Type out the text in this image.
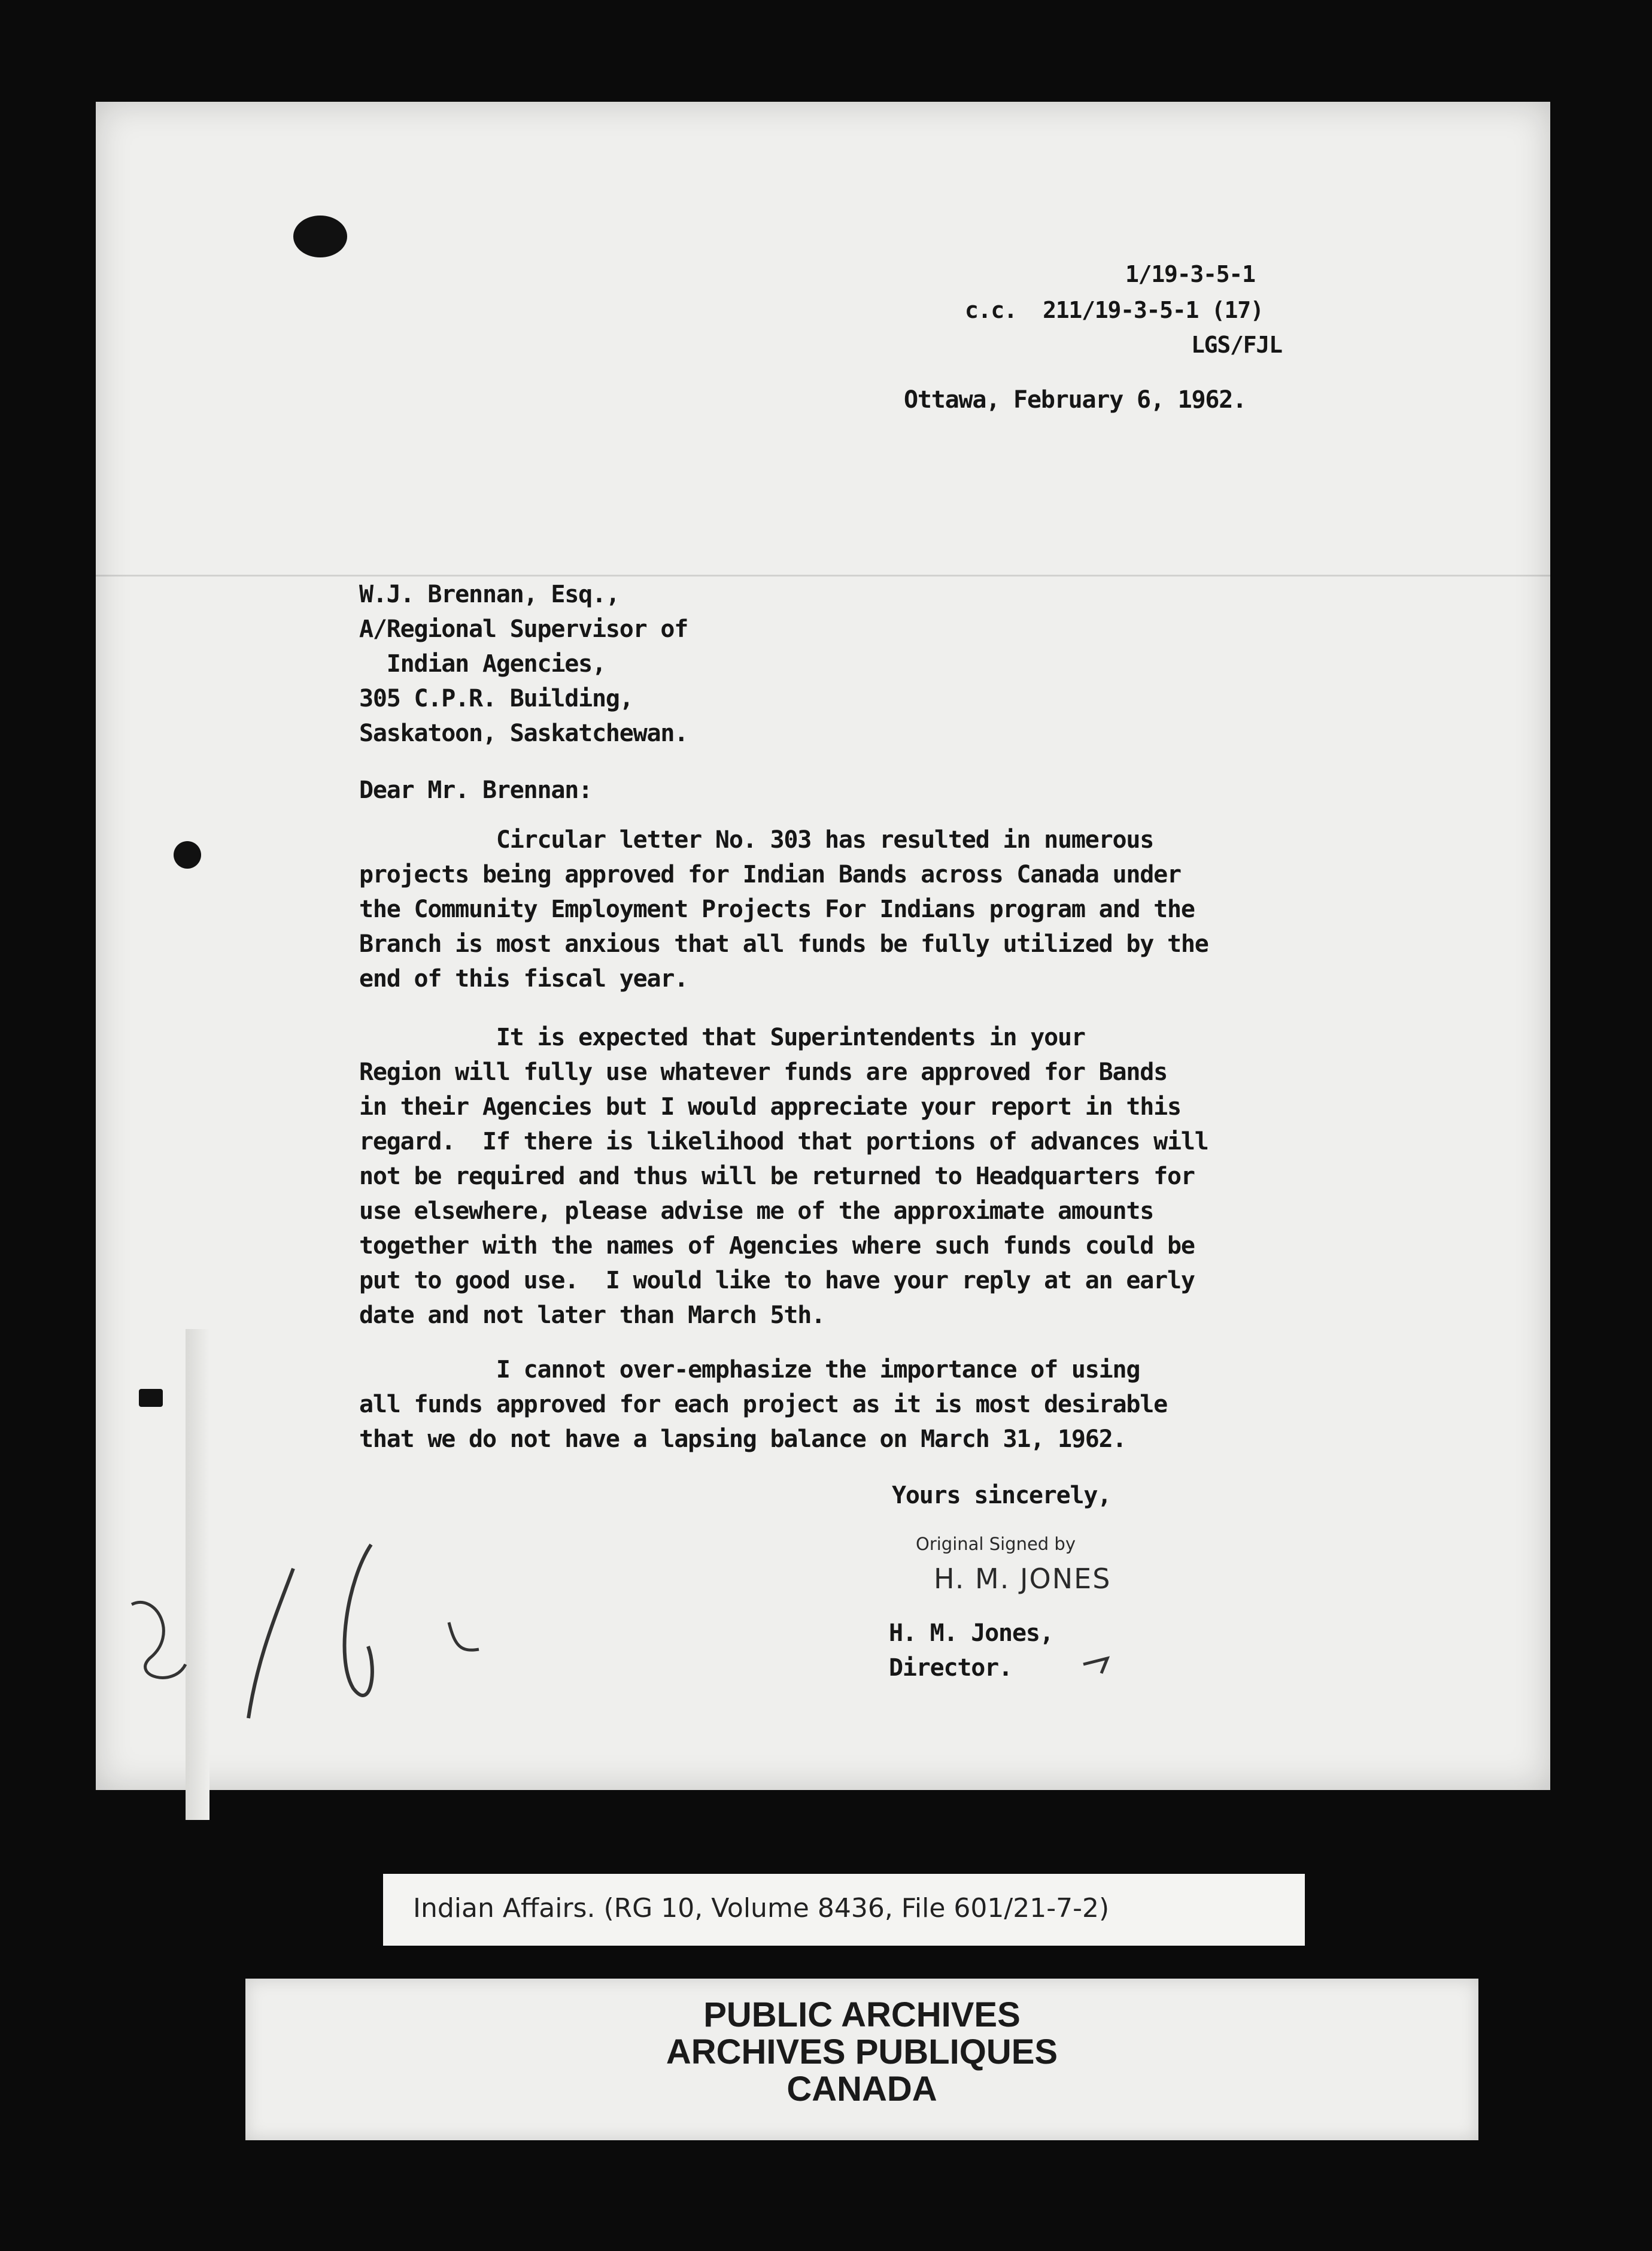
1/19-3-5-1
c.c.  211/19-3-5-1 (17)
LGS/FJL
Ottawa, February 6, 1962.
W.J. Brennan, Esq.,
A/Regional Supervisor of
Indian Agencies,
305 C.P.R. Building,
Saskatoon, Saskatchewan.
Dear Mr. Brennan:
Circular letter No. 303 has resulted in numerous
projects being approved for Indian Bands across Canada under
the Community Employment Projects For Indians program and the
Branch is most anxious that all funds be fully utilized by the
end of this fiscal year.
It is expected that Superintendents in your
Region will fully use whatever funds are approved for Bands
in their Agencies but I would appreciate your report in this
regard.  If there is likelihood that portions of advances will
not be required and thus will be returned to Headquarters for
use elsewhere, please advise me of the approximate amounts
together with the names of Agencies where such funds could be
put to good use.  I would like to have your reply at an early
date and not later than March 5th.
I cannot over-emphasize the importance of using
all funds approved for each project as it is most desirable
that we do not have a lapsing balance on March 31, 1962.
Yours sincerely,
Original Signed by
H. M. JONES
H. M. Jones,
Director.
Indian Affairs. (RG 10, Volume 8436, File 601/21-7-2)
PUBLIC ARCHIVES
ARCHIVES PUBLIQUES
CANADA
